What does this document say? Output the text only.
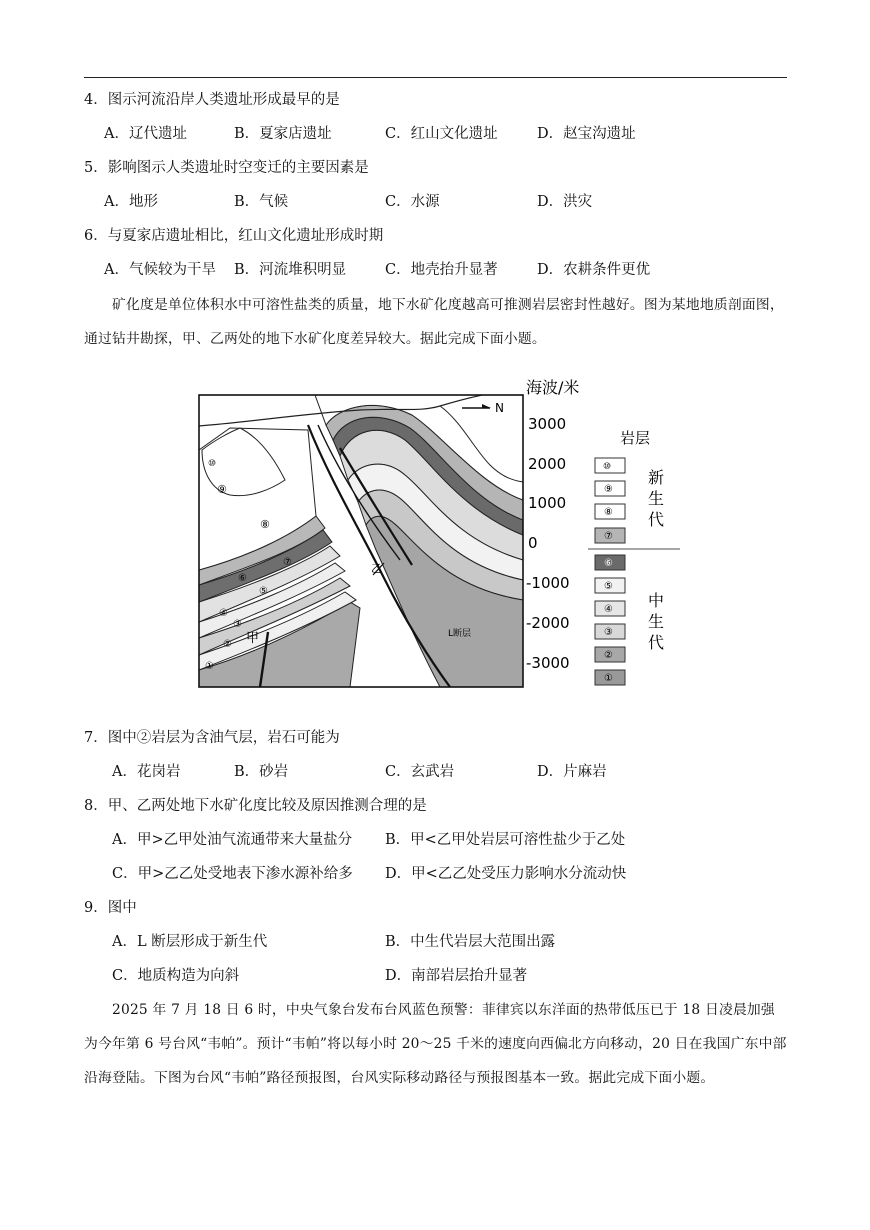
4．图示河流沿岸人类遗址形成最早的是
A．辽代遗址	B．夏家店遗址	C．红山文化遗址	D．赵宝沟遗址
5．影响图示人类遗址时空变迁的主要因素是
A．地形	B．气候	C．水源	D．洪灾
6．与夏家店遗址相比，红山文化遗址形成时期
A．气候较为干旱 B．河流堆积明显	C．地壳抬升显著	D．农耕条件更优
矿化度是单位体积水中可溶性盐类的质量，地下水矿化度越高可推测岩层密封性越好。图为某地地质剖面图，通过钻井勘探，甲、乙两处的地下水矿化度差异较大。据此完成下面小题。
⑩
⑨
⑧
⑦
⑥
⑤
④
③
②
①
甲
乙
L断层
N
海波/米
3000
2000
1000
0
-1000
-2000
-3000
岩层
⑩
⑨
⑧
⑦
⑥
⑤
④
③
②
①
新
生
代
中
生
代
7．图中②岩层为含油气层，岩石可能为
A．花岗岩	B．砂岩	C．玄武岩	D．片麻岩
8．甲、乙两处地下水矿化度比较及原因推测合理的是
A．甲>乙甲处油气流通带来大量盐分 B．甲<乙甲处岩层可溶性盐少于乙处
C．甲>乙乙处受地表下渗水源补给多 D．甲<乙乙处受压力影响水分流动快
9．图中
A．L 断层形成于新生代	B．中生代岩层大范围出露
C．地质构造为向斜	D．南部岩层抬升显著
2025 年 7 月 18 日 6 时，中央气象台发布台风蓝色预警：菲律宾以东洋面的热带低压已于 18 日凌晨加强为今年第 6 号台风“韦帕”。预计“韦帕”将以每小时 20～25 千米的速度向西偏北方向移动，20 日在我国广东中部沿海登陆。下图为台风“韦帕”路径预报图，台风实际移动路径与预报图基本一致。据此完成下面小题。
